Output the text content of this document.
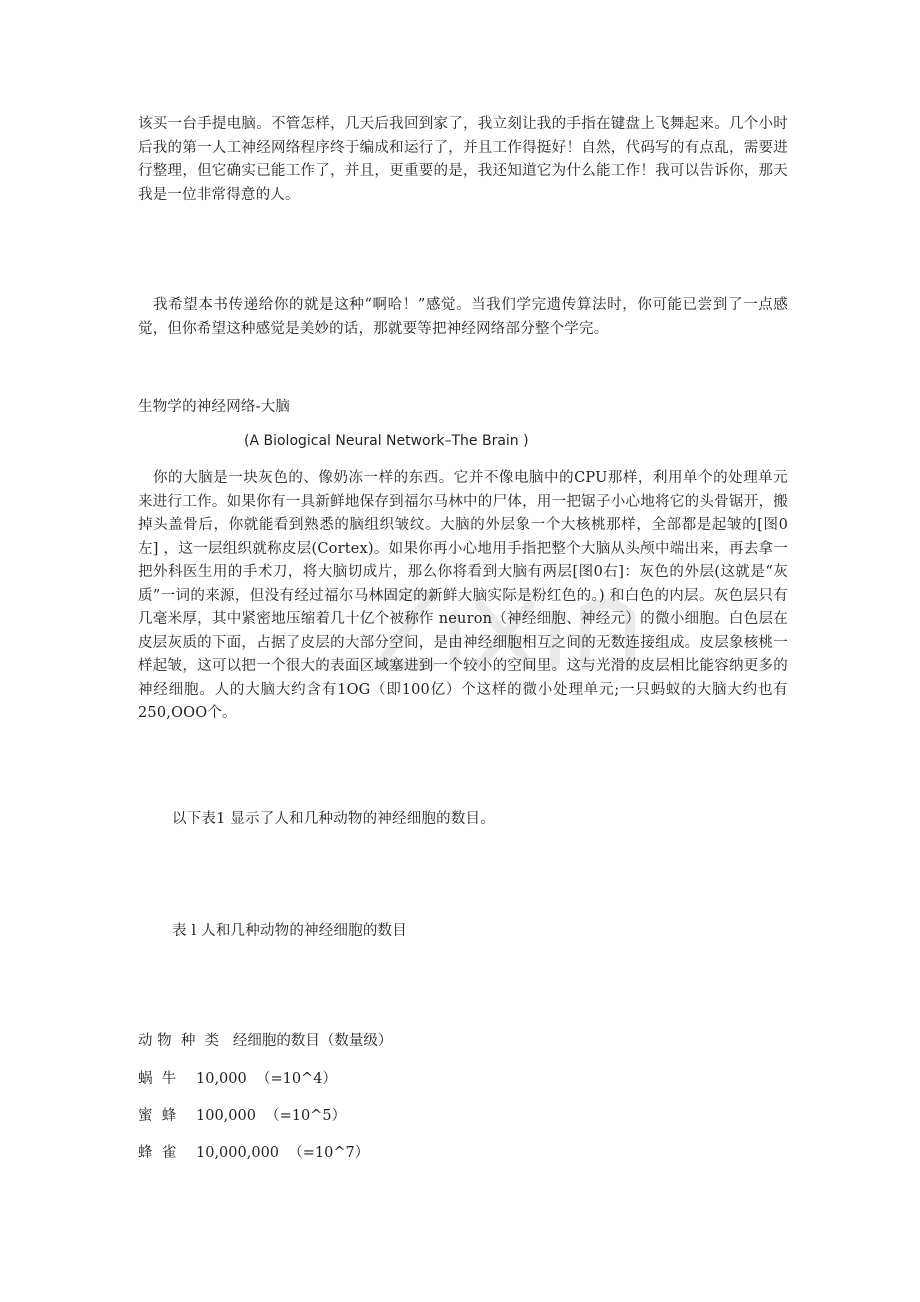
该买一台手提电脑。不管怎样，几天后我回到家了，我立刻让我的手指在键盘上飞舞起来。几个小时后我的第一人工神经网络程序终于编成和运行了，并且工作得挺好！自然，代码写的有点乱，需要进行整理，但它确实已能工作了，并且，更重要的是，我还知道它为什么能工作！我可以告诉你，那天我是一位非常得意的人。

我希望本书传递给你的就是这种“啊哈！”感觉。当我们学完遗传算法时，你可能已尝到了一点感觉，但你希望这种感觉是美妙的话，那就要等把神经网络部分整个学完。

生物学的神经网络-大脑

(A Biological Neural Network–The Brain )

你的大脑是一块灰色的、像奶冻一样的东西。它并不像电脑中的CPU那样，利用单个的处理单元来进行工作。如果你有一具新鲜地保存到福尔马林中的尸体，用一把锯子小心地将它的头骨锯开，搬掉头盖骨后，你就能看到熟悉的脑组织皱纹。大脑的外层象一个大核桃那样，全部都是起皱的[图0左] ，这一层组织就称皮层(Cortex)。如果你再小心地用手指把整个大脑从头颅中端出来，再去拿一把外科医生用的手术刀，将大脑切成片，那么你将看到大脑有两层[图0右]：灰色的外层(这就是“灰质”一词的来源，但没有经过福尔马林固定的新鲜大脑实际是粉红色的。) 和白色的内层。灰色层只有几毫米厚，其中紧密地压缩着几十亿个被称作 neuron（神经细胞、神经元）的微小细胞。白色层在皮层灰质的下面，占据了皮层的大部分空间，是由神经细胞相互之间的无数连接组成。皮层象核桃一样起皱，这可以把一个很大的表面区域塞进到一个较小的空间里。这与光滑的皮层相比能容纳更多的神经细胞。人的大脑大约含有1OG（即100亿）个这样的微小处理单元;一只蚂蚁的大脑大约也有250,OOO个。

以下表1 显示了人和几种动物的神经细胞的数目。

表 l 人和几种动物的神经细胞的数目

动 物  种  类 经细胞的数目（数量级）

蜗  牛 10,000  （=10^4）

蜜  蜂 100,000  （=10^5）

蜂  雀 10,000,000  （=10^7）
